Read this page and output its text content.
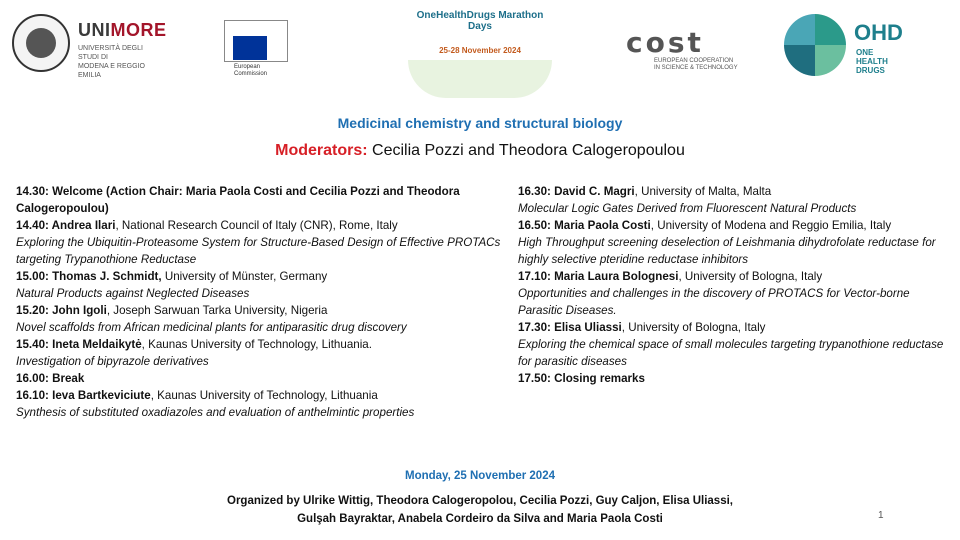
UNIMORE
UNIVERSITÀ DEGLI STUDI DI
MODENA E REGGIO EMILIA
European
Commission
OneHealthDrugs Marathon Days
25-28 November 2024	cost
EUROPEAN COOPERATION
IN SCIENCE & TECHNOLOGY
OHD
ONE
HEALTH
DRUGS
Medicinal chemistry and structural biology
Moderators: Cecilia Pozzi and Theodora Calogeropoulou
14.30: Welcome (Action Chair: Maria Paola Costi and Cecilia Pozzi and Theodora Calogeropoulou)
14.40: Andrea Ilari, National Research Council of Italy (CNR), Rome, Italy
Exploring the Ubiquitin-Proteasome System for Structure-Based Design of Effective PROTACs targeting Trypanothione Reductase
15.00: Thomas J. Schmidt, University of Münster, Germany
Natural Products against Neglected Diseases
15.20: John Igoli, Joseph Sarwuan Tarka University, Nigeria
Novel scaffolds from African medicinal plants for antiparasitic drug discovery
15.40: Ineta Meldaikytė, Kaunas University of Technology, Lithuania.
Investigation of bipyrazole derivatives
16.00: Break
16.10: Ieva Bartkeviciute, Kaunas University of Technology, Lithuania
Synthesis of substituted oxadiazoles and evaluation of anthelmintic properties
16.30: David C. Magri, University of Malta, Malta
Molecular Logic Gates Derived from Fluorescent Natural Products
16.50: Maria Paola Costi, University of Modena and Reggio Emilia, Italy
High Throughput screening deselection of Leishmania dihydrofolate reductase for highly selective pteridine reductase inhibitors
17.10: Maria Laura Bolognesi, University of Bologna, Italy
Opportunities and challenges in the discovery of PROTACS for Vector-borne Parasitic Diseases.
17.30: Elisa Uliassi, University of Bologna, Italy
Exploring the chemical space of small molecules targeting trypanothione reductase for parasitic diseases
17.50: Closing remarks
Monday, 25 November 2024
Organized by Ulrike Wittig, Theodora Calogeropolou, Cecilia Pozzi, Guy Caljon, Elisa Uliassi, Gulşah Bayraktar, Anabela Cordeiro da Silva and Maria Paola Costi	1
